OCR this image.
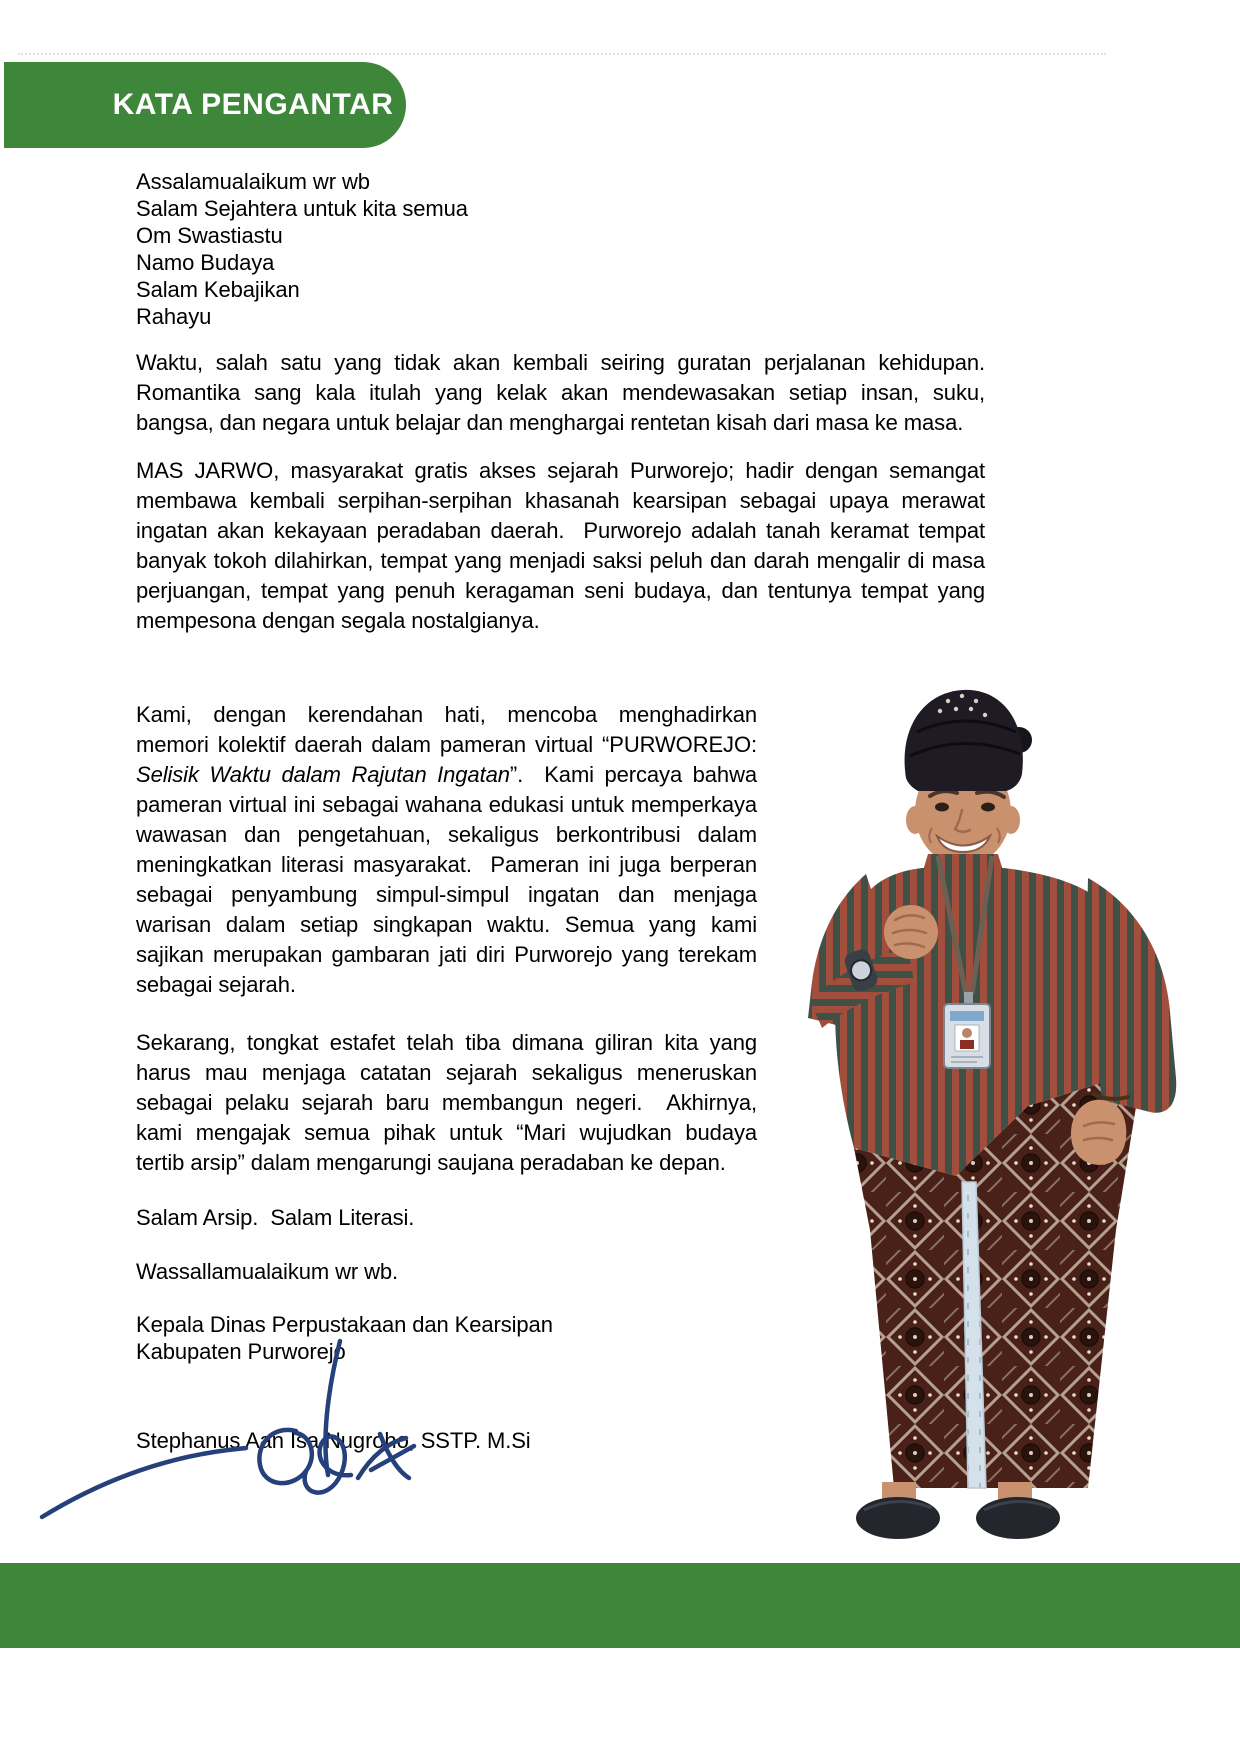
KATA PENGANTAR
Assalamualaikum wr wb
Salam Sejahtera untuk kita semua
Om Swastiastu
Namo Budaya
Salam Kebajikan
Rahayu
Waktu, salah satu yang tidak akan kembali seiring guratan perjalanan kehidupan.  Romantika sang kala itulah yang kelak akan mendewasakan setiap insan, suku, bangsa, dan negara untuk belajar dan menghargai rentetan kisah dari masa ke masa.
MAS JARWO, masyarakat gratis akses sejarah Purworejo; hadir dengan semangat membawa kembali serpihan-serpihan khasanah kearsipan sebagai upaya merawat ingatan akan kekayaan peradaban daerah.  Purworejo adalah tanah keramat tempat banyak tokoh dilahirkan, tempat yang menjadi saksi peluh dan darah mengalir di masa perjuangan, tempat yang penuh keragaman seni budaya, dan tentunya tempat yang mempesona dengan segala nostalgianya.
Kami, dengan kerendahan hati, mencoba menghadirkan memori kolektif daerah dalam pameran virtual “PURWOREJO: Selisik Waktu dalam Rajutan Ingatan”.  Kami percaya bahwa pameran virtual ini sebagai wahana edukasi untuk memperkaya wawasan dan pengetahuan, sekaligus berkontribusi dalam meningkatkan literasi masyarakat.  Pameran ini juga berperan sebagai penyambung simpul-simpul ingatan dan menjaga warisan dalam setiap singkapan waktu. Semua yang kami sajikan merupakan gambaran jati diri Purworejo yang terekam sebagai sejarah.
Sekarang, tongkat estafet telah tiba dimana giliran kita yang harus mau menjaga catatan sejarah sekaligus meneruskan sebagai pelaku sejarah baru membangun negeri.  Akhirnya, kami mengajak semua pihak untuk “Mari wujudkan budaya tertib arsip” dalam mengarungi saujana peradaban ke depan.
Salam Arsip.  Salam Literasi.
Wassallamualaikum wr wb.
Kepala Dinas Perpustakaan dan Kearsipan
Kabupaten Purworejo
Stephanus Aan Isa Nugroho, SSTP. M.Si
